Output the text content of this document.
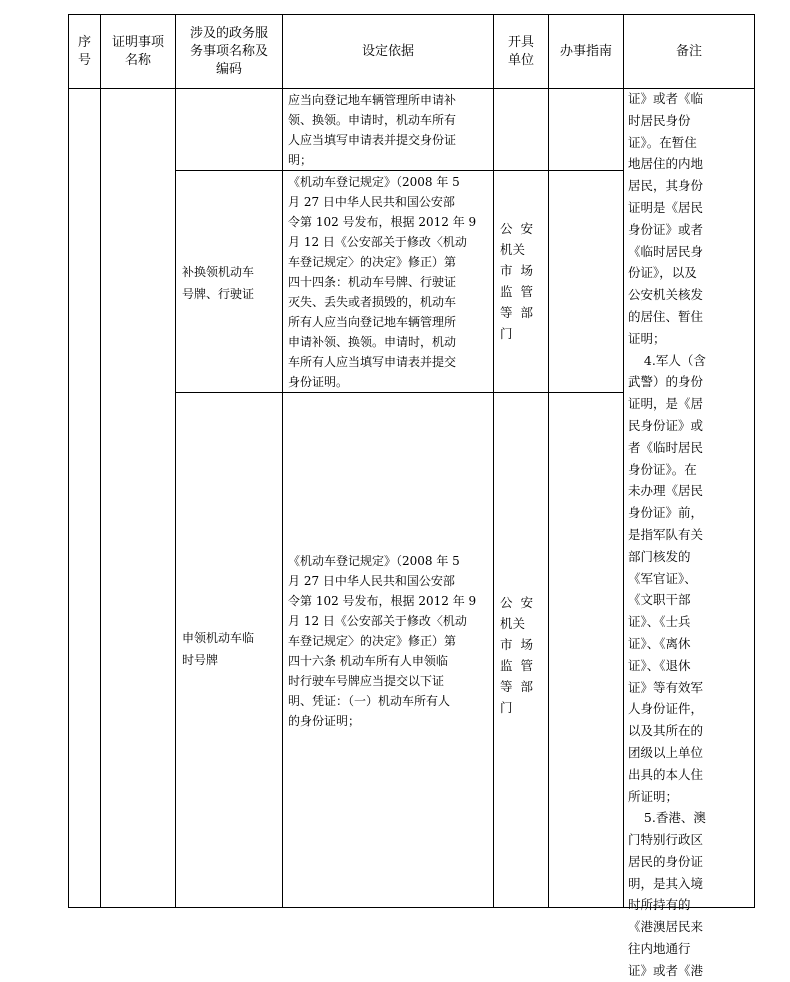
序
号
证明事项
名称
涉及的政务服
务事项名称及
编码
设定依据
开具
单位
办事指南	备注
应当向登记地车辆管理所申请补
领、换领。申请时，机动车所有
人应当填写申请表并提交身份证
明；
补换领机动车
号牌、行驶证
《机动车登记规定》（2008 年 5
月 27 日中华人民共和国公安部
令第 102 号发布，根据 2012 年 9
月 12 日《公安部关于修改〈机动
车登记规定〉的决定》修正）第
四十四条：机动车号牌、行驶证
灭失、丢失或者损毁的，机动车
所有人应当向登记地车辆管理所
申请补领、换领。申请时，机动
车所有人应当填写申请表并提交
身份证明。
公  安
机关
市  场
监  管
等  部
门
申领机动车临
时号牌
《机动车登记规定》（2008 年 5
月 27 日中华人民共和国公安部
令第 102 号发布，根据 2012 年 9
月 12 日《公安部关于修改〈机动
车登记规定〉的决定》修正）第
四十六条 机动车所有人申领临
时行驶车号牌应当提交以下证
明、凭证：（一）机动车所有人
的身份证明；
公  安
机关
市  场
监  管
等  部
门
证》或者《临
时居民身份
证》。在暂住
地居住的内地
居民，其身份
证明是《居民
身份证》或者
《临时居民身
份证》，以及
公安机关核发
的居住、暂住
证明；
4.军人（含
武警）的身份
证明，是《居
民身份证》或
者《临时居民
身份证》。在
未办理《居民
身份证》前，
是指军队有关
部门核发的
《军官证》、
《文职干部
证》、《士兵
证》、《离休
证》、《退休
证》等有效军
人身份证件，
以及其所在的
团级以上单位
出具的本人住
所证明；
5.香港、澳
门特别行政区
居民的身份证
明，是其入境
时所持有的
《港澳居民来
往内地通行
证》或者《港
